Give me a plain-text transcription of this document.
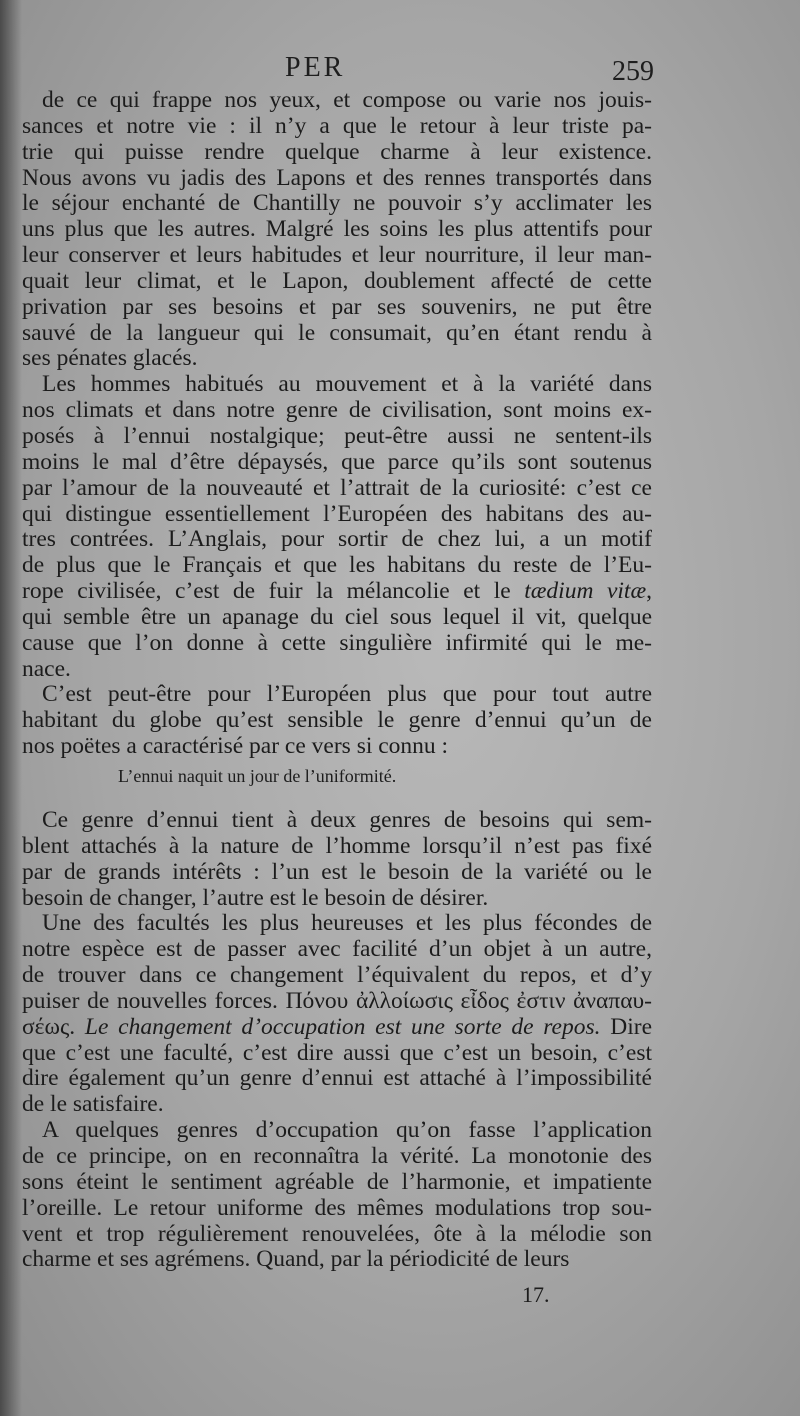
PER	259
de ce qui frappe nos yeux, et compose ou varie nos jouis-
sances et notre vie : il n’y a que le retour à leur triste pa-
trie qui puisse rendre quelque charme à leur existence.
Nous avons vu jadis des Lapons et des rennes transportés dans
le séjour enchanté de Chantilly ne pouvoir s’y acclimater les
uns plus que les autres. Malgré les soins les plus attentifs pour
leur conserver et leurs habitudes et leur nourriture, il leur man-
quait leur climat, et le Lapon, doublement affecté de cette
privation par ses besoins et par ses souvenirs, ne put être
sauvé de la langueur qui le consumait, qu’en étant rendu à
ses pénates glacés.
Les hommes habitués au mouvement et à la variété dans
nos climats et dans notre genre de civilisation, sont moins ex-
posés à l’ennui nostalgique; peut-être aussi ne sentent-ils
moins le mal d’être dépaysés, que parce qu’ils sont soutenus
par l’amour de la nouveauté et l’attrait de la curiosité: c’est ce
qui distingue essentiellement l’Européen des habitans des au-
tres contrées. L’Anglais, pour sortir de chez lui, a un motif
de plus que le Français et que les habitans du reste de l’Eu-
rope civilisée, c’est de fuir la mélancolie et le tædium vitæ,
qui semble être un apanage du ciel sous lequel il vit, quelque
cause que l’on donne à cette singulière infirmité qui le me-
nace.
C’est peut-être pour l’Européen plus que pour tout autre
habitant du globe qu’est sensible le genre d’ennui qu’un de
nos poëtes a caractérisé par ce vers si connu :
L’ennui naquit un jour de l’uniformité.
Ce genre d’ennui tient à deux genres de besoins qui sem-
blent attachés à la nature de l’homme lorsqu’il n’est pas fixé
par de grands intérêts : l’un est le besoin de la variété ou le
besoin de changer, l’autre est le besoin de désirer.
Une des facultés les plus heureuses et les plus fécondes de
notre espèce est de passer avec facilité d’un objet à un autre,
de trouver dans ce changement l’équivalent du repos, et d’y
puiser de nouvelles forces. Πόνου ἀλλοίωσις εἶδος ἐστιν ἀναπαυ-
σέως. Le changement d’occupation est une sorte de repos. Dire
que c’est une faculté, c’est dire aussi que c’est un besoin, c’est
dire également qu’un genre d’ennui est attaché à l’impossibilité
de le satisfaire.
A quelques genres d’occupation qu’on fasse l’application
de ce principe, on en reconnaîtra la vérité. La monotonie des
sons éteint le sentiment agréable de l’harmonie, et impatiente
l’oreille. Le retour uniforme des mêmes modulations trop sou-
vent et trop régulièrement renouvelées, ôte à la mélodie son
charme et ses agrémens. Quand, par la périodicité de leurs
17.
